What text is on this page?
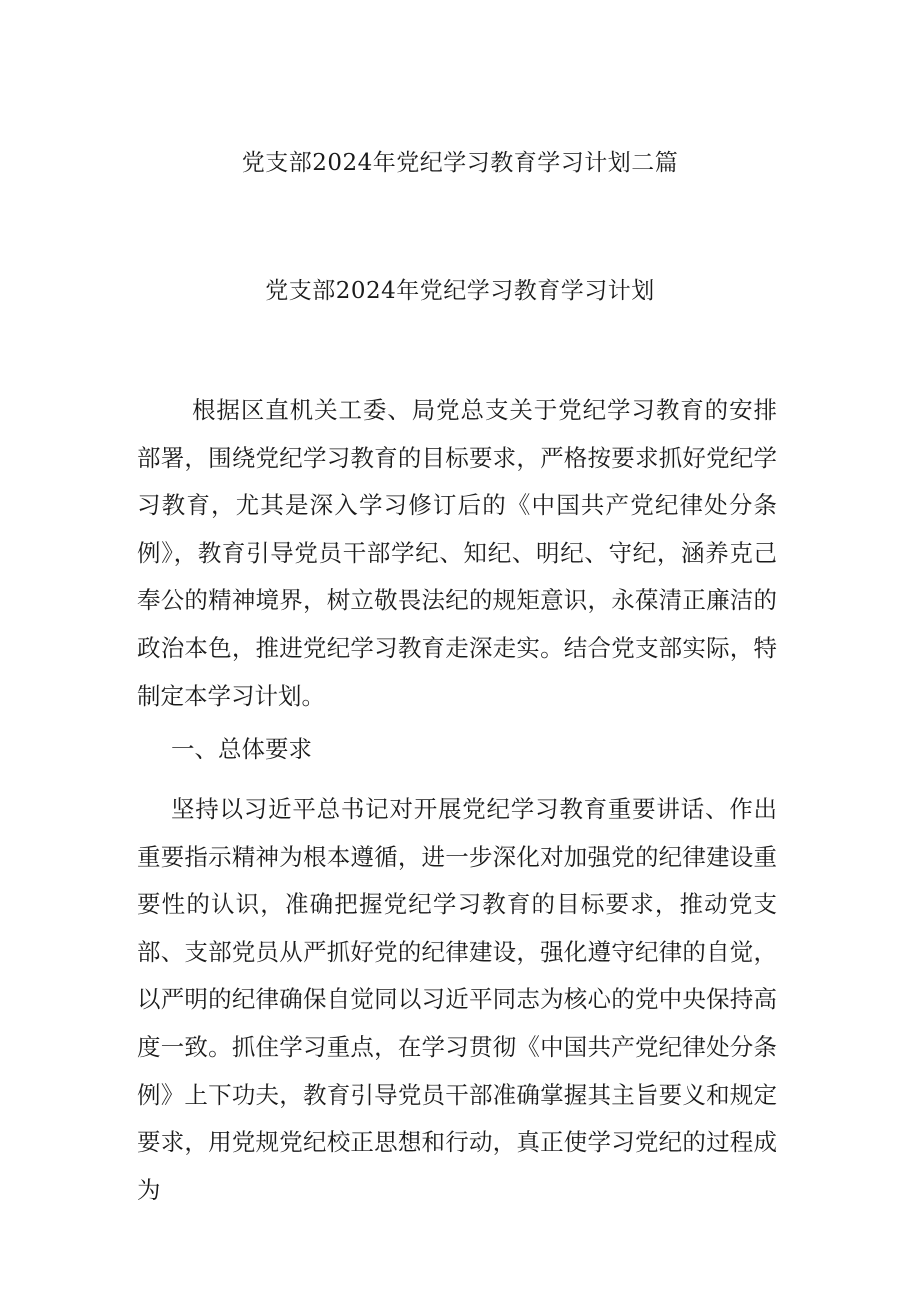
党支部2024年党纪学习教育学习计划二篇
党支部2024年党纪学习教育学习计划

根据区直机关工委、局党总支关于党纪学习教育的安排部署，围绕党纪学习教育的目标要求，严格按要求抓好党纪学习教育，尤其是深入学习修订后的《中国共产党纪律处分条例》，教育引导党员干部学纪、知纪、明纪、守纪，涵养克己奉公的精神境界，树立敬畏法纪的规矩意识，永葆清正廉洁的政治本色，推进党纪学习教育走深走实。结合党支部实际，特制定本学习计划。

一、总体要求

坚持以习近平总书记对开展党纪学习教育重要讲话、作出重要指示精神为根本遵循，进一步深化对加强党的纪律建设重要性的认识，准确把握党纪学习教育的目标要求，推动党支部、支部党员从严抓好党的纪律建设，强化遵守纪律的自觉，以严明的纪律确保自觉同以习近平同志为核心的党中央保持高度一致。抓住学习重点，在学习贯彻《中国共产党纪律处分条例》上下功夫，教育引导党员干部准确掌握其主旨要义和规定要求，用党规党纪校正思想和行动，真正使学习党纪的过程成为
